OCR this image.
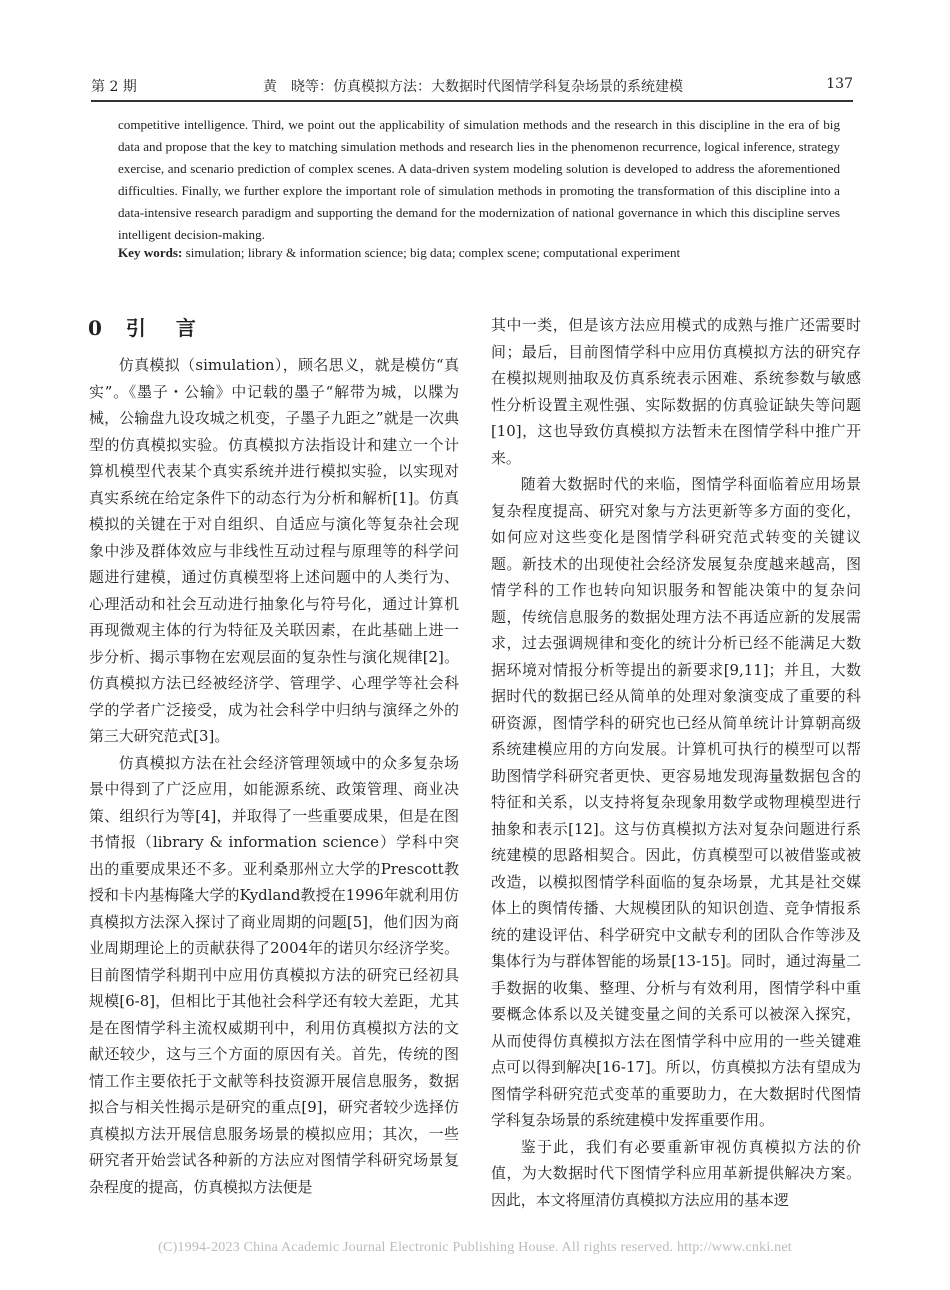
第 2 期	黄　晓等：仿真模拟方法：大数据时代图情学科复杂场景的系统建模	137

competitive intelligence. Third, we point out the applicability of simulation methods and the research in this discipline in the era of big data and propose that the key to matching simulation methods and research lies in the phenomenon recurrence, logical inference, strategy exercise, and scenario prediction of complex scenes. A data-driven system modeling solution is developed to address the aforementioned difficulties. Finally, we further explore the important role of simulation methods in promoting the transformation of this discipline into a data-intensive research paradigm and supporting the demand for the modernization of national governance in which this discipline serves intelligent decision-making.

Key words: simulation; library & information science; big data; complex scene; computational experiment

0 引 言

仿真模拟（simulation），顾名思义，就是模仿“真实”。《墨子・公输》中记载的墨子“解带为城，以牒为械，公输盘九设攻城之机变，子墨子九距之”就是一次典型的仿真模拟实验。仿真模拟方法指设计和建立一个计算机模型代表某个真实系统并进行模拟实验，以实现对真实系统在给定条件下的动态行为分析和解析[1]。仿真模拟的关键在于对自组织、自适应与演化等复杂社会现象中涉及群体效应与非线性互动过程与原理等的科学问题进行建模，通过仿真模型将上述问题中的人类行为、心理活动和社会互动进行抽象化与符号化，通过计算机再现微观主体的行为特征及关联因素，在此基础上进一步分析、揭示事物在宏观层面的复杂性与演化规律[2]。仿真模拟方法已经被经济学、管理学、心理学等社会科学的学者广泛接受，成为社会科学中归纳与演绎之外的第三大研究范式[3]。

仿真模拟方法在社会经济管理领域中的众多复杂场景中得到了广泛应用，如能源系统、政策管理、商业决策、组织行为等[4]，并取得了一些重要成果，但是在图书情报（library & information science）学科中突出的重要成果还不多。亚利桑那州立大学的Prescott教授和卡内基梅隆大学的Kydland教授在1996年就利用仿真模拟方法深入探讨了商业周期的问题[5]，他们因为商业周期理论上的贡献获得了2004年的诺贝尔经济学奖。目前图情学科期刊中应用仿真模拟方法的研究已经初具规模[6-8]，但相比于其他社会科学还有较大差距，尤其是在图情学科主流权威期刊中，利用仿真模拟方法的文献还较少，这与三个方面的原因有关。首先，传统的图情工作主要依托于文献等科技资源开展信息服务，数据拟合与相关性揭示是研究的重点[9]，研究者较少选择仿真模拟方法开展信息服务场景的模拟应用；其次，一些研究者开始尝试各种新的方法应对图情学科研究场景复杂程度的提高，仿真模拟方法便是

其中一类，但是该方法应用模式的成熟与推广还需要时间；最后，目前图情学科中应用仿真模拟方法的研究存在模拟规则抽取及仿真系统表示困难、系统参数与敏感性分析设置主观性强、实际数据的仿真验证缺失等问题[10]，这也导致仿真模拟方法暂未在图情学科中推广开来。

随着大数据时代的来临，图情学科面临着应用场景复杂程度提高、研究对象与方法更新等多方面的变化，如何应对这些变化是图情学科研究范式转变的关键议题。新技术的出现使社会经济发展复杂度越来越高，图情学科的工作也转向知识服务和智能决策中的复杂问题，传统信息服务的数据处理方法不再适应新的发展需求，过去强调规律和变化的统计分析已经不能满足大数据环境对情报分析等提出的新要求[9,11]；并且，大数据时代的数据已经从简单的处理对象演变成了重要的科研资源，图情学科的研究也已经从简单统计计算朝高级系统建模应用的方向发展。计算机可执行的模型可以帮助图情学科研究者更快、更容易地发现海量数据包含的特征和关系，以支持将复杂现象用数学或物理模型进行抽象和表示[12]。这与仿真模拟方法对复杂问题进行系统建模的思路相契合。因此，仿真模型可以被借鉴或被改造，以模拟图情学科面临的复杂场景，尤其是社交媒体上的舆情传播、大规模团队的知识创造、竞争情报系统的建设评估、科学研究中文献专利的团队合作等涉及集体行为与群体智能的场景[13-15]。同时，通过海量二手数据的收集、整理、分析与有效利用，图情学科中重要概念体系以及关键变量之间的关系可以被深入探究，从而使得仿真模拟方法在图情学科中应用的一些关键难点可以得到解决[16-17]。所以，仿真模拟方法有望成为图情学科研究范式变革的重要助力，在大数据时代图情学科复杂场景的系统建模中发挥重要作用。

鉴于此，我们有必要重新审视仿真模拟方法的价值，为大数据时代下图情学科应用革新提供解决方案。因此，本文将厘清仿真模拟方法应用的基本逻

(C)1994-2023 China Academic Journal Electronic Publishing House. All rights reserved. http://www.cnki.net
